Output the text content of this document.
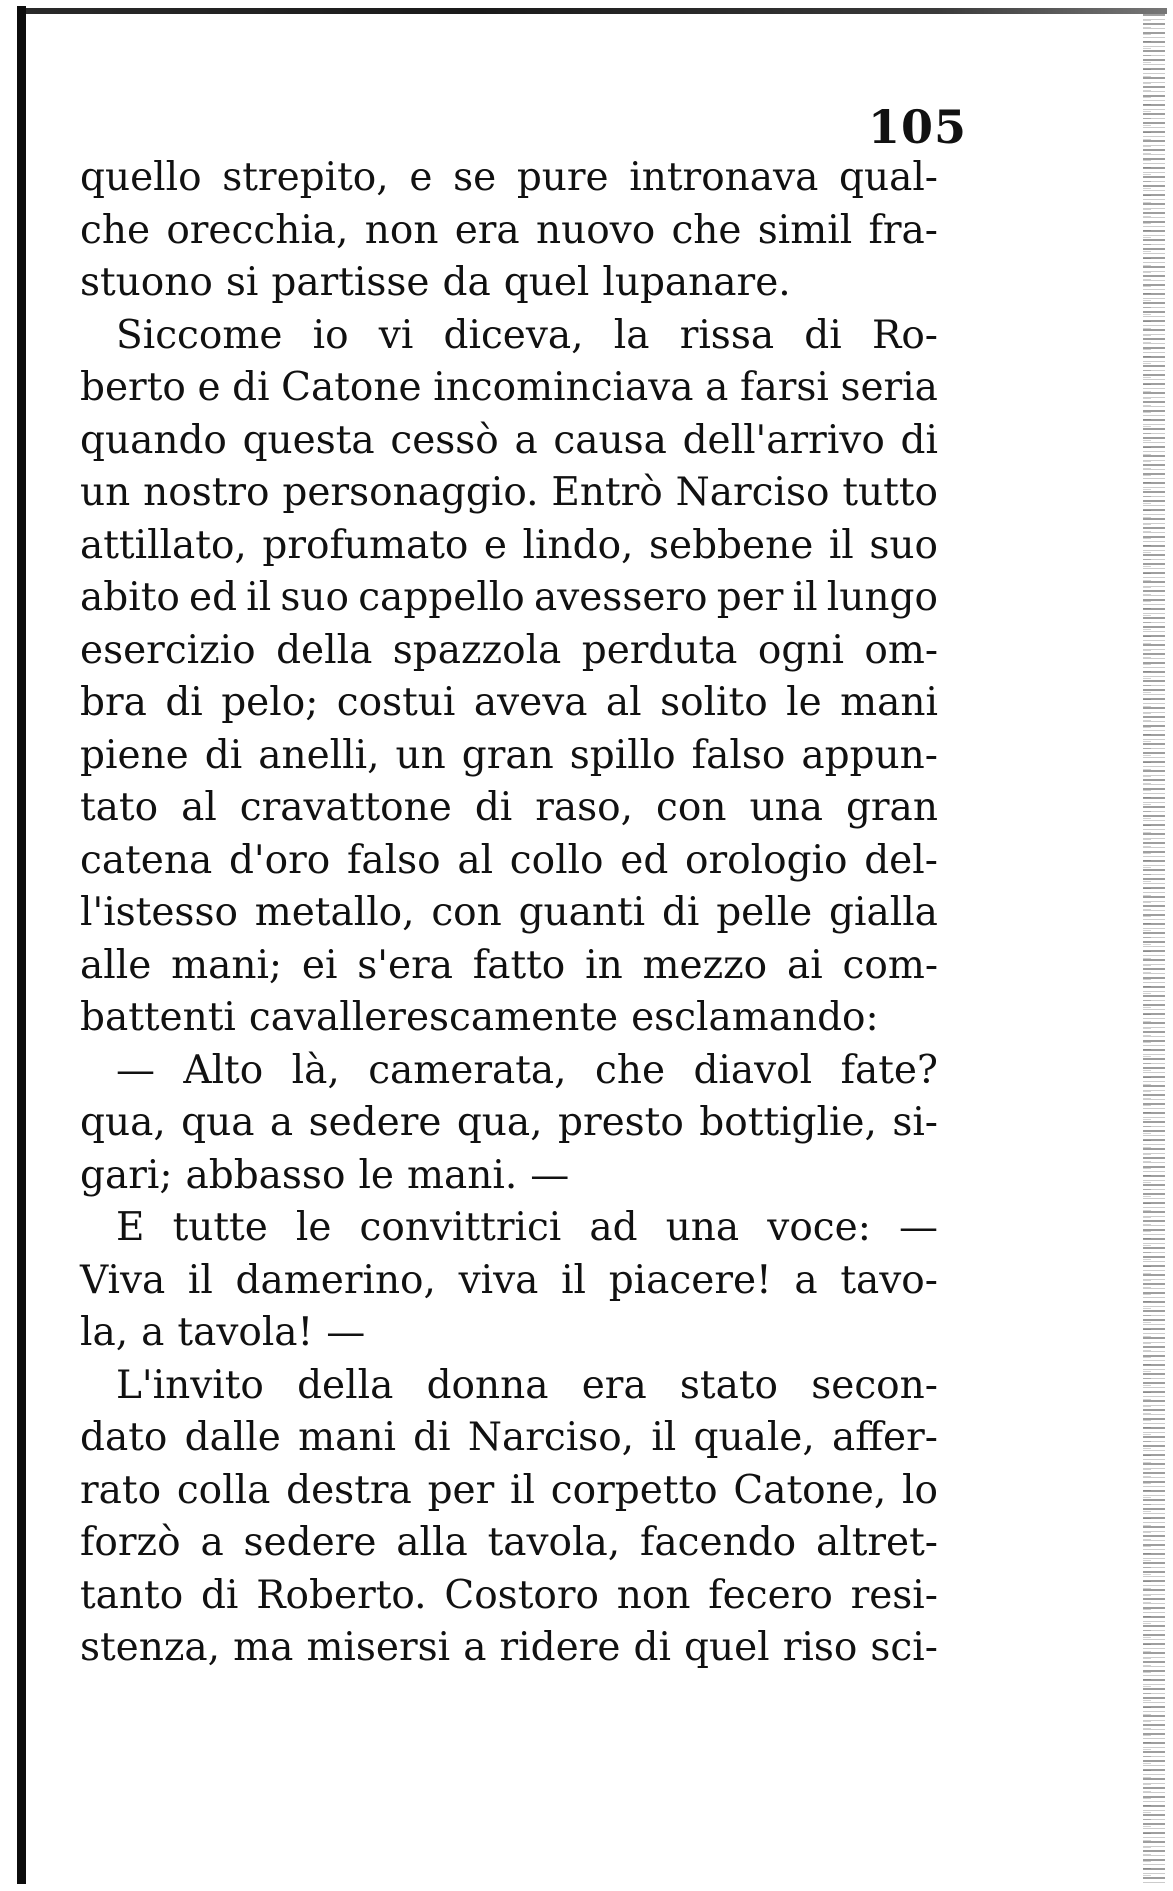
105
quello strepito, e se pure intronava qual-
che orecchia, non era nuovo che simil fra-
stuono si partisse da quel lupanare.
Siccome io vi diceva, la rissa di Ro-
berto e di Catone incominciava a farsi seria
quando questa cessò a causa dell'arrivo di
un nostro personaggio. Entrò Narciso tutto
attillato, profumato e lindo, sebbene il suo
abito ed il suo cappello avessero per il lungo
esercizio della spazzola perduta ogni om-
bra di pelo; costui aveva al solito le mani
piene di anelli, un gran spillo falso appun-
tato al cravattone di raso, con una gran
catena d'oro falso al collo ed orologio del-
l'istesso metallo, con guanti di pelle gialla
alle mani; ei s'era fatto in mezzo ai com-
battenti cavallerescamente esclamando:
— Alto là, camerata, che diavol fate?
qua, qua a sedere qua, presto bottiglie, si-
gari; abbasso le mani. —
E tutte le convittrici ad una voce: —
Viva il damerino, viva il piacere! a tavo-
la, a tavola! —
L'invito della donna era stato secon-
dato dalle mani di Narciso, il quale, affer-
rato colla destra per il corpetto Catone, lo
forzò a sedere alla tavola, facendo altret-
tanto di Roberto. Costoro non fecero resi-
stenza, ma misersi a ridere di quel riso sci-
